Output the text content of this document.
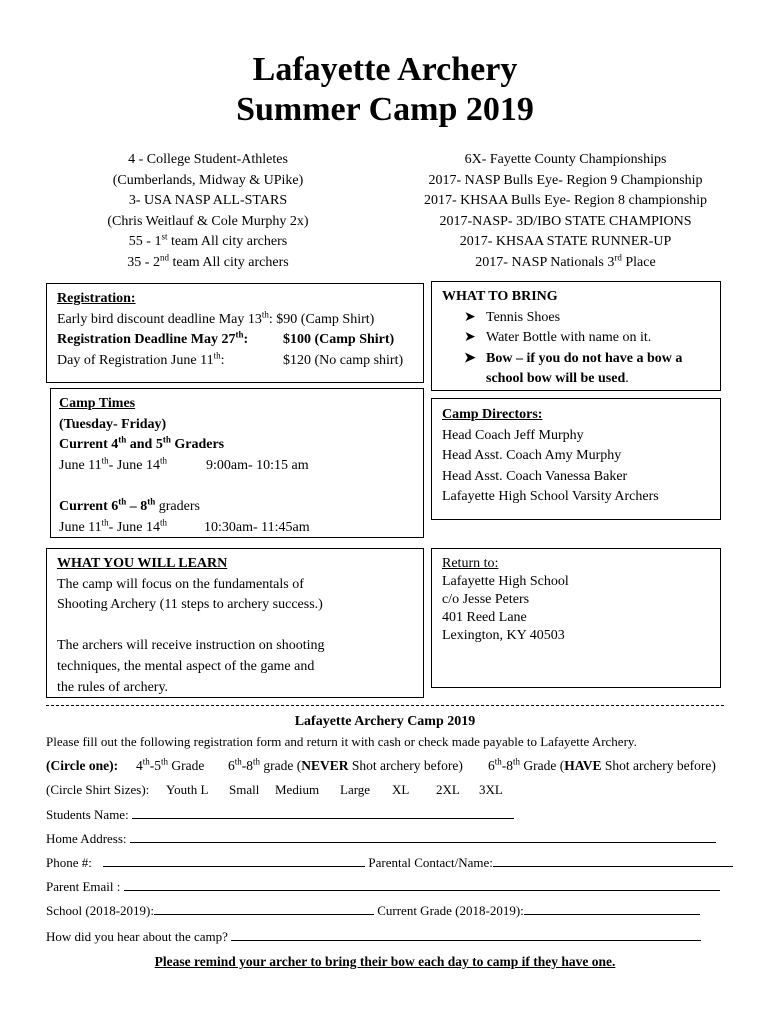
Lafayette Archery
Summer Camp 2019
4 - College Student-Athletes
(Cumberlands, Midway & UPike)
3- USA NASP ALL-STARS
(Chris Weitlauf & Cole Murphy 2x)
55 - 1st team All city archers
35 - 2nd team All city archers
6X- Fayette County Championships
2017- NASP Bulls Eye- Region 9 Championship
2017- KHSAA Bulls Eye- Region 8 championship
2017-NASP- 3D/IBO STATE CHAMPIONS
2017- KHSAA STATE RUNNER-UP
2017- NASP Nationals 3rd Place
Registration:
Early bird discount deadline May 13th: $90 (Camp Shirt)
Registration Deadline May 27th: $100 (Camp Shirt)
Day of Registration June 11th:	$120 (No camp shirt)
WHAT TO BRING
➤ Tennis Shoes
➤ Water Bottle with name on it.
➤ Bow – if you do not have a bow a
school bow will be used.
Camp Times
(Tuesday- Friday)
Current 4th and 5th Graders
June 11th- June 14th	9:00am- 10:15 am
Current 6th – 8th graders
June 11th- June 14th	10:30am- 11:45am
Camp Directors:
Head Coach Jeff Murphy
Head Asst. Coach Amy Murphy
Head Asst. Coach Vanessa Baker
Lafayette High School Varsity Archers
WHAT YOU WILL LEARN
The camp will focus on the fundamentals of
Shooting Archery (11 steps to archery success.)
The archers will receive instruction on shooting
techniques, the mental aspect of the game and
the rules of archery.
Return to:
Lafayette High School
c/o Jesse Peters
401 Reed Lane
Lexington, KY 40503
Lafayette Archery Camp 2019
Please fill out the following registration form and return it with cash or check made payable to Lafayette Archery.
(Circle one): 4th-5th Grade 6th-8th grade (NEVER Shot archery before) 6th-8th Grade (HAVE Shot archery before)
(Circle Shirt Sizes): Youth L Small Medium Large XL 2XL 3XL
Students Name:
Home Address:
Phone #:	Parental Contact/Name:
Parent Email :
School (2018-2019):	Current Grade (2018-2019):
How did you hear about the camp?
Please remind your archer to bring their bow each day to camp if they have one.
